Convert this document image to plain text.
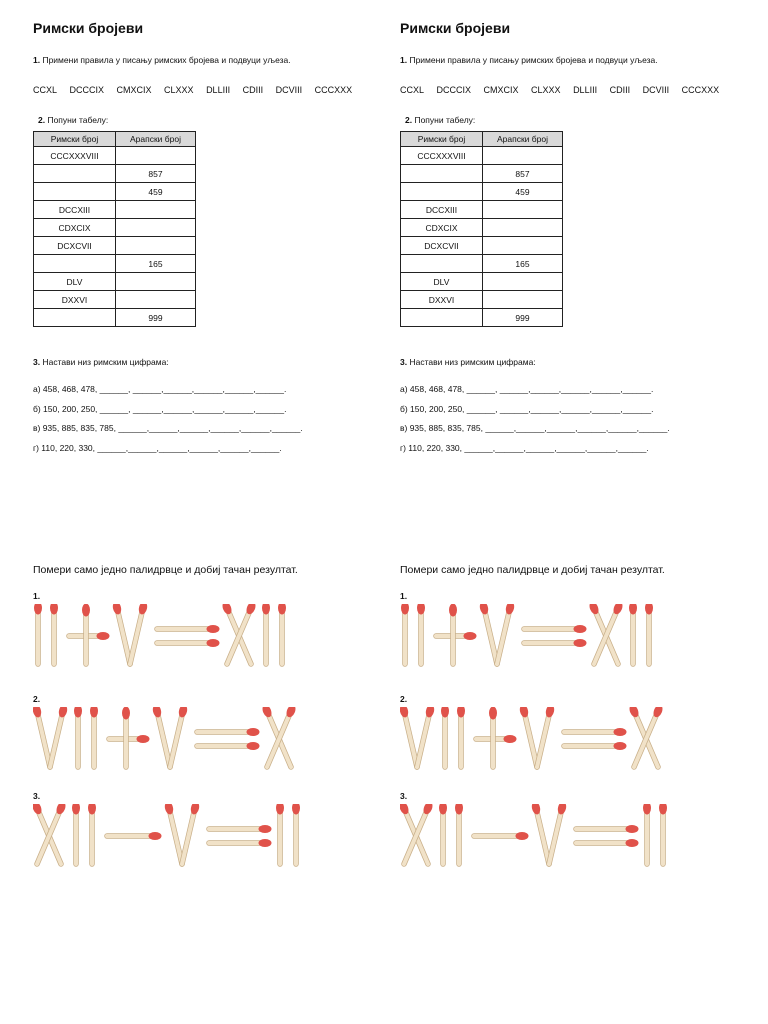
Римски бројеви
1. Примени правила у писању римских бројева и подвуци уљеза.
CCXL DCCCIX CMXCIX CLXXX DLLIII CDIII DCVIII CCCXXX
2. Попуни табелу:
Римски број	Арапски број
CCCXXXVIII	
	857
	459
DCCXIII	
CDXCIX	
DCXCVII	
	165
DLV	
DXXVI	
	999
3. Настави низ римским цифрама:
а) 458, 468, 478, ______, ______,______,______,______,______.
б) 150, 200, 250, ______, ______,______,______,______,______.
в) 935, 885, 835, 785, ______,______,______,______,______,______.
г) 110, 220, 330, ______,______,______,______,______,______.
Помери само једно палидрвце и добиј тачан резултат.
1.
2.
3.
Римски бројеви
1. Примени правила у писању римских бројева и подвуци уљеза.
CCXL DCCCIX CMXCIX CLXXX DLLIII CDIII DCVIII CCCXXX
2. Попуни табелу:
Римски број	Арапски број
CCCXXXVIII	
	857
	459
DCCXIII	
CDXCIX	
DCXCVII	
	165
DLV	
DXXVI	
	999
3. Настави низ римским цифрама:
а) 458, 468, 478, ______, ______,______,______,______,______.
б) 150, 200, 250, ______, ______,______,______,______,______.
в) 935, 885, 835, 785, ______,______,______,______,______,______.
г) 110, 220, 330, ______,______,______,______,______,______.
Помери само једно палидрвце и добиј тачан резултат.
1.
2.
3.
